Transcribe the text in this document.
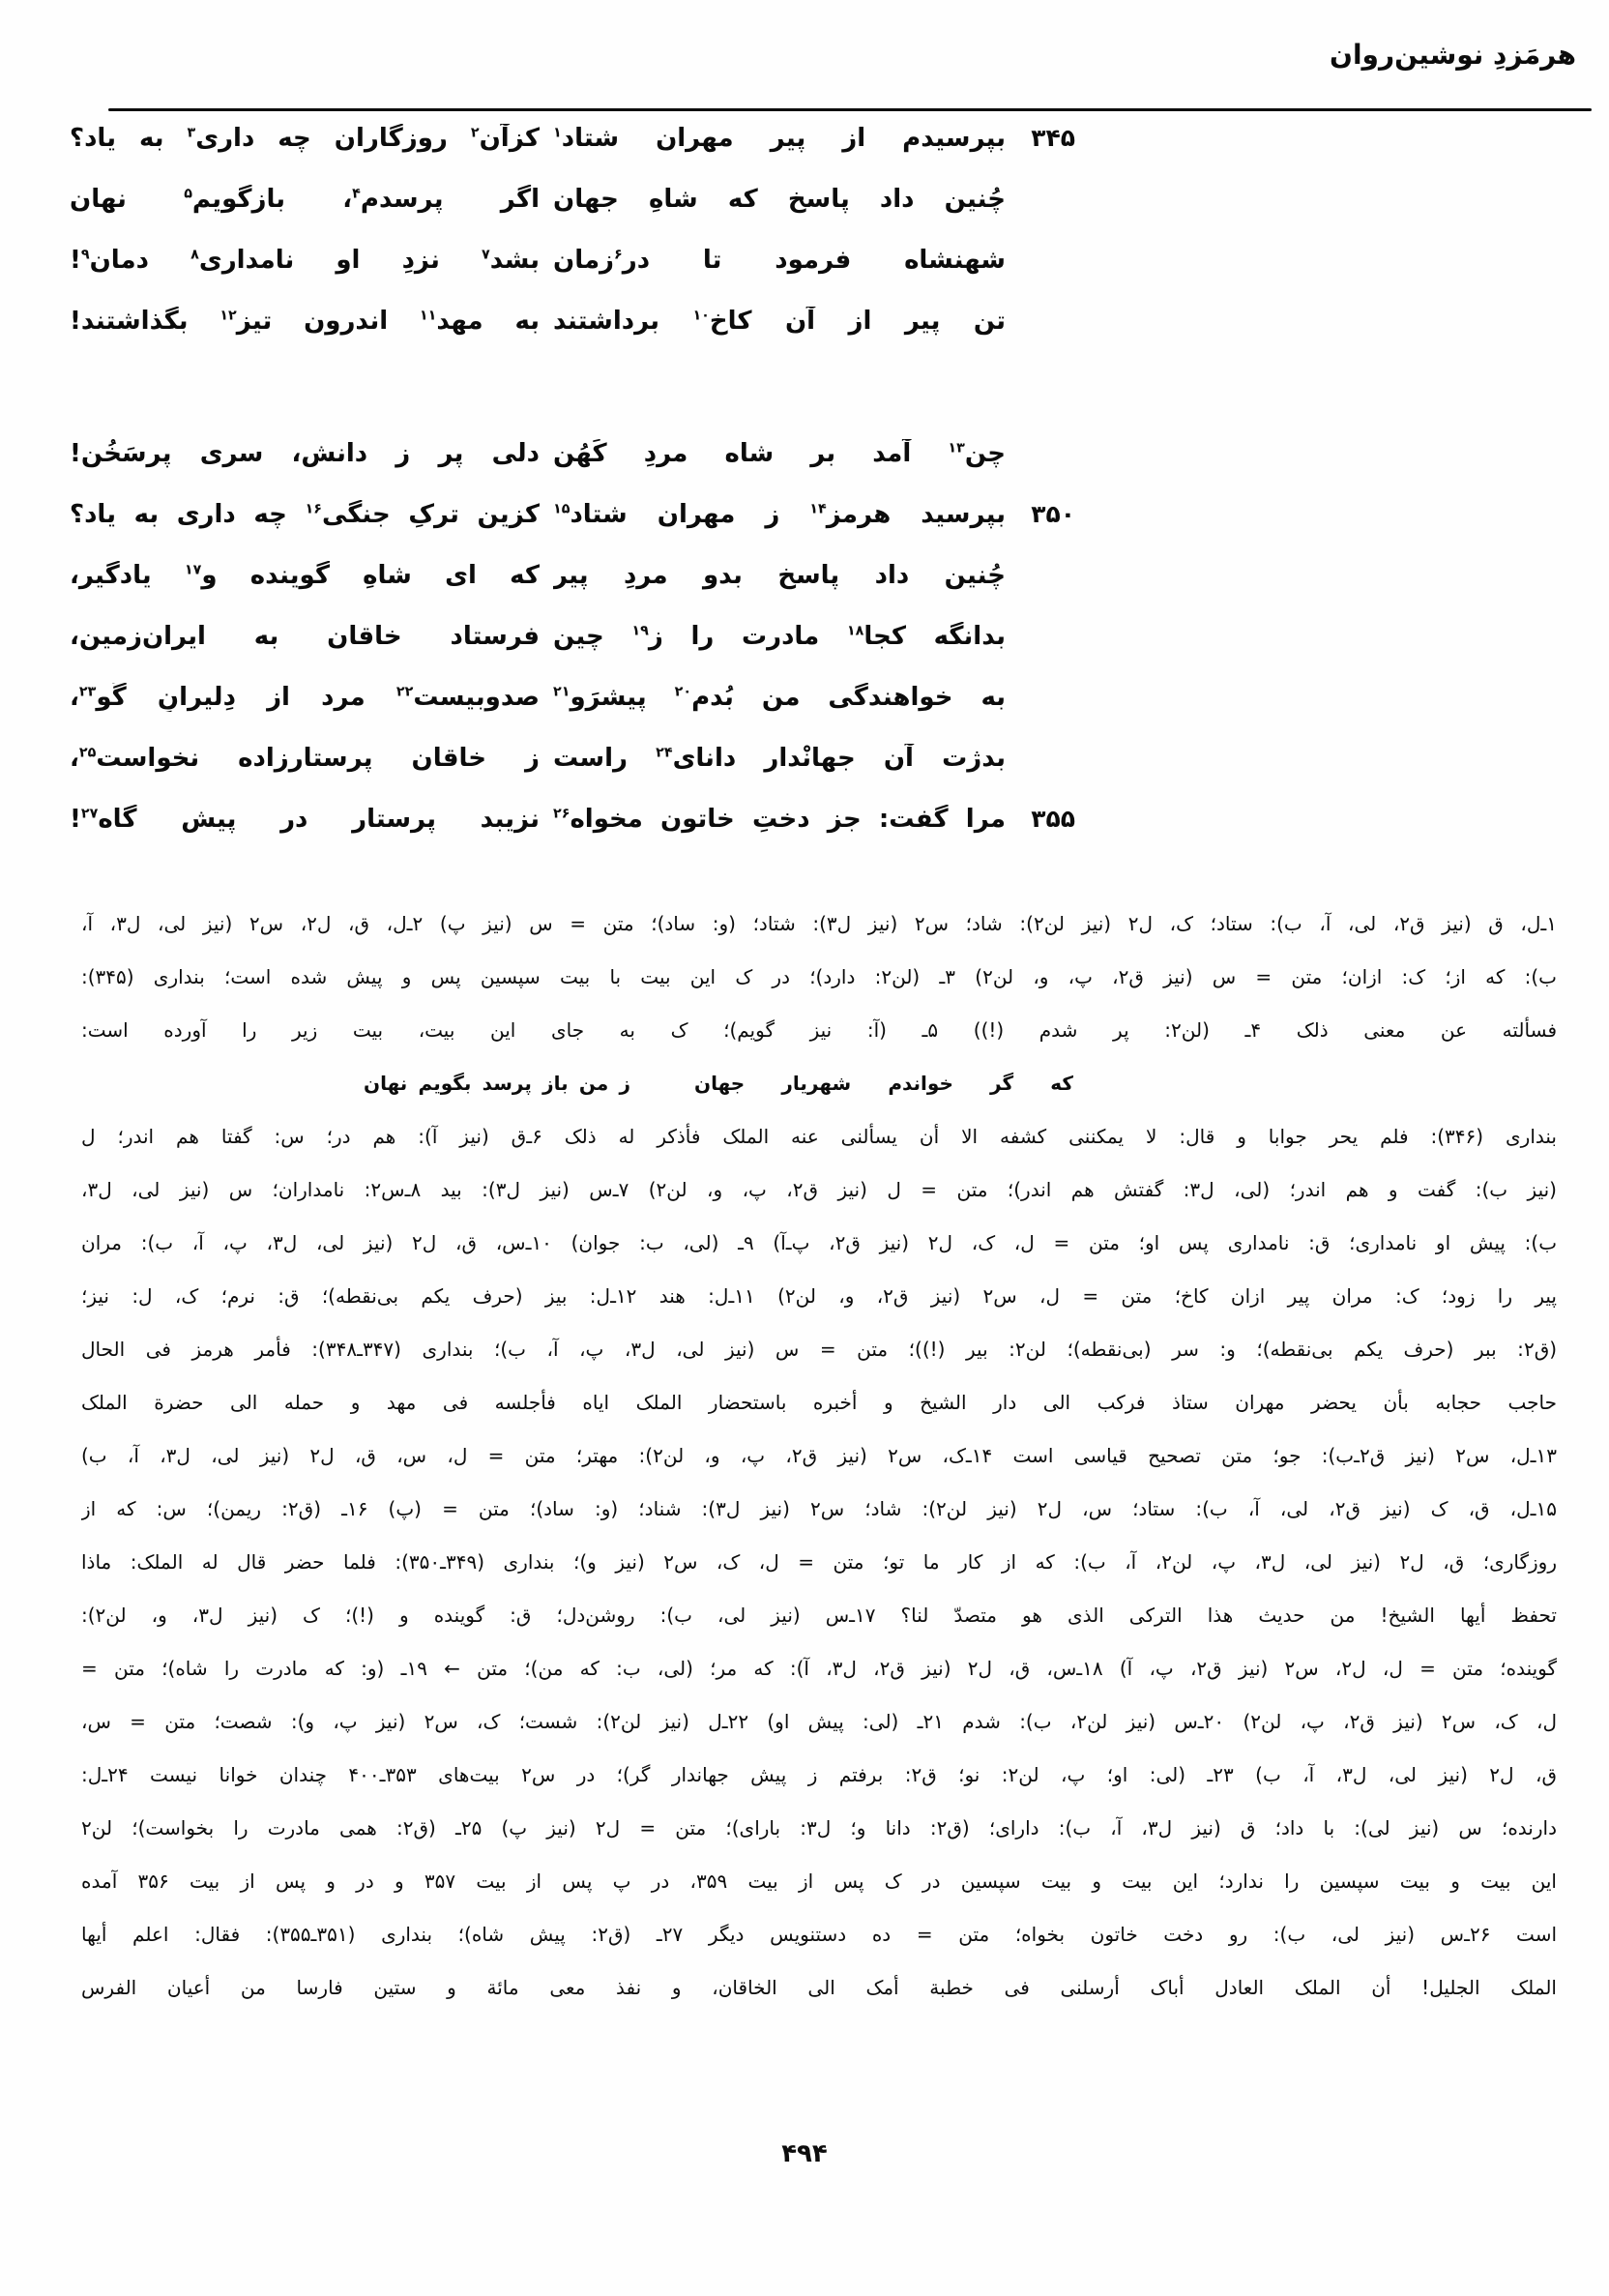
هرمَزدِ نوشین‌روان
۳۴۵
بپرسیدم از پیر مهران شتاد$^۱$
کزآن$^۲$ روزگاران چه داری$^۳$ به یاد؟
چُنین داد پاسخ که شاهِ جهان
اگر پرسدم$^۴$، بازگویم$^۵$ نهان
شهنشاه فرمود تا در$^۶$زمان
بشد$^۷$ نزدِ او نامداری$^۸$ دمان$^۹$!
تنِ پیر از آن کاخ$^{۱۰}$ برداشتند
به مهد$^{۱۱}$ اندرون تیز$^{۱۲}$ بگذاشتند!
چن$^{۱۳}$ آمد برِ شاه مردِ کَهُن
دلی پر ز دانش، سری پرسَخُن!
۳۵۰
بپرسید هرمز$^{۱۴}$ ز مهران شتاد$^{۱۵}$
کزین ترکِ جنگی$^{۱۶}$ چه داری به یاد؟
چُنین داد پاسخ بدو مردِ پیر
که ای شاهِ گوینده و$^{۱۷}$ یادگیر،
بدانگه کجا$^{۱۸}$ مادرت را ز$^{۱۹}$ چین
فرستاد خاقان به ایران‌زمین،
به خواهندگی من بُدم$^{۲۰}$ پیشرَو$^{۲۱}$
صدوبیست$^{۲۲}$ مرد از دِلیرانِ گَو$^{۲۳}$،
بدژت آن جهانْدارِ دانای$^{۲۴}$ راست
ز خاقان پرستارزاده نخواست$^{۲۵}$،
۳۵۵
مرا گفت: جز دختِ خاتون مخواه$^{۲۶}$
نزیبد پرستار در پیش گاه$^{۲۷}$!
۱ـ‌ل، ق (نیز ق۲، لی، آ، ب): ستاد؛ ک، ل۲ (نیز لن۲): شاد؛ س۲ (نیز ل۳): شتاد؛ (و: ساد)؛ متن = س (نیز پ) ۲ـ‌ل، ق، ل۲، س۲ (نیز لی، ل۳، آ،
ب): که از؛ ک: ازان؛ متن = س (نیز ق۲، پ، و، لن۲) ۳ـ (لن۲: دارد)؛ در ک این بیت با بیت سپسین پس و پیش شده است؛ بنداری (۳۴۵):
فسألته عن معنی ذلک ۴ـ (لن۲: پر شدم (!)) ۵ـ (آ: نیز گویم)؛ ک به جای این بیت، بیت زیر را آورده است:
که گر خواندم شهریار جهان
ز من باز پرسد بگویم نهان
بنداری (۳۴۶): فلم یحر جوابا و قال: لا یمکننی کشفه الا أن یسألنی عنه الملک فأذکر له ذلک ۶ـ‌ق (نیز آ): هم در؛ س: گفتا هم اندر؛ ل
(نیز ب): گفت و هم اندر؛ (لی، ل۳: گفتش هم اندر)؛ متن = ل (نیز ق۲، پ، و، لن۲) ۷ـ‌س (نیز ل۳): بید ۸ـ‌س۲: نامداران؛ س (نیز لی، ل۳،
ب): پیش او نامداری؛ ق: نامداری پس او؛ متن = ل، ک، ل۲ (نیز ق۲، پ‌ـ‌آ) ۹ـ (لی، ب: جوان) ۱۰ـ‌س، ق، ل۲ (نیز لی، ل۳، پ، آ، ب): مران
پیر را زود؛ ک: مران پیر ازان کاخ؛ متن = ل، س۲ (نیز ق۲، و، لن۲) ۱۱ـ‌ل: هند ۱۲ـ‌ل: بیز (حرف یکم بی‌نقطه)؛ ق: نرم؛ ک، ل: نیز؛
(ق۲: ببر (حرف یکم بی‌نقطه)؛ و: سر (بی‌نقطه)؛ لن۲: بیر (!))؛ متن = س (نیز لی، ل۳، پ، آ، ب)؛ بنداری (۳۴۷ـ۳۴۸): فأمر هرمز فی الحال
حاجب حجابه بأن یحضر مهران ستاذ فرکب الی دار الشیخ و أخبره باستحضار الملک ایاه فأجلسه فی مهد و حمله الی حضرة الملک
۱۳ـ‌ل، س۲ (نیز ق۲ـ‌ب): جو؛ متن تصحیح قیاسی است ۱۴ـ‌ک، س۲ (نیز ق۲، پ، و، لن۲): مهتر؛ متن = ل، س، ق، ل۲ (نیز لی، ل۳، آ، ب)
۱۵ـ‌ل، ق، ک (نیز ق۲، لی، آ، ب): ستاد؛ س، ل۲ (نیز لن۲): شاد؛ س۲ (نیز ل۳): شناد؛ (و: ساد)؛ متن = (پ) ۱۶ـ (ق۲: ریمن)؛ س: که از
روزگاری؛ ق، ل۲ (نیز لی، ل۳، پ، لن۲، آ، ب): که از کار ما تو؛ متن = ل، ک، س۲ (نیز و)؛ بنداری (۳۴۹ـ۳۵۰): فلما حضر قال له الملک: ماذا
تحفظ أیها الشیخ! من حدیث هذا الترکی الذی هو متصدّ لنا؟ ۱۷ـ‌س (نیز لی، ب): روشن‌دل؛ ق: گوینده و (!)؛ ک (نیز ل۳، و، لن۲):
گوینده؛ متن = ل، ل۲، س۲ (نیز ق۲، پ، آ) ۱۸ـ‌س، ق، ل۲ (نیز ق۲، ل۳، آ): که مر؛ (لی، ب: که من)؛ متن ← ۱۹ـ (و: که مادرت را شاه)؛ متن =
ل، ک، س۲ (نیز ق۲، پ، لن۲) ۲۰ـ‌س (نیز لن۲، ب): شدم ۲۱ـ (لی: پیش او) ۲۲ـ‌ل (نیز لن۲): شست؛ ک، س۲ (نیز پ، و): شصت؛ متن = س،
ق، ل۲ (نیز لی، ل۳، آ، ب) ۲۳ـ (لی: او؛ پ، لن۲: نو؛ ق۲: برفتم ز پیش جهاندار گر)؛ در س۲ بیت‌های ۳۵۳ـ۴۰۰ چندان خوانا نیست ۲۴ـ‌ل:
دارنده؛ س (نیز لی): با داد؛ ق (نیز ل۳، آ، ب): دارای؛ (ق۲: دانا و؛ ل۳: بارای)؛ متن = ل۲ (نیز پ) ۲۵ـ (ق۲: همی مادرت را بخواست)؛ لن۲
این بیت و بیت سپسین را ندارد؛ این بیت و بیت سپسین در ک پس از بیت ۳۵۹، در پ پس از بیت ۳۵۷ و در و پس از بیت ۳۵۶ آمده
است ۲۶ـ‌س (نیز لی، ب): رو دخت خاتون بخواه؛ متن = ده دستنویس دیگر ۲۷ـ (ق۲: پیش شاه)؛ بنداری (۳۵۱ـ۳۵۵): فقال: اعلم أیها
الملک الجلیل! أن الملک العادل أباک أرسلنی فی خطبة أمک الی الخاقان، و نفذ معی مائة و ستین فارسا من أعیان الفرس
۴۹۴
